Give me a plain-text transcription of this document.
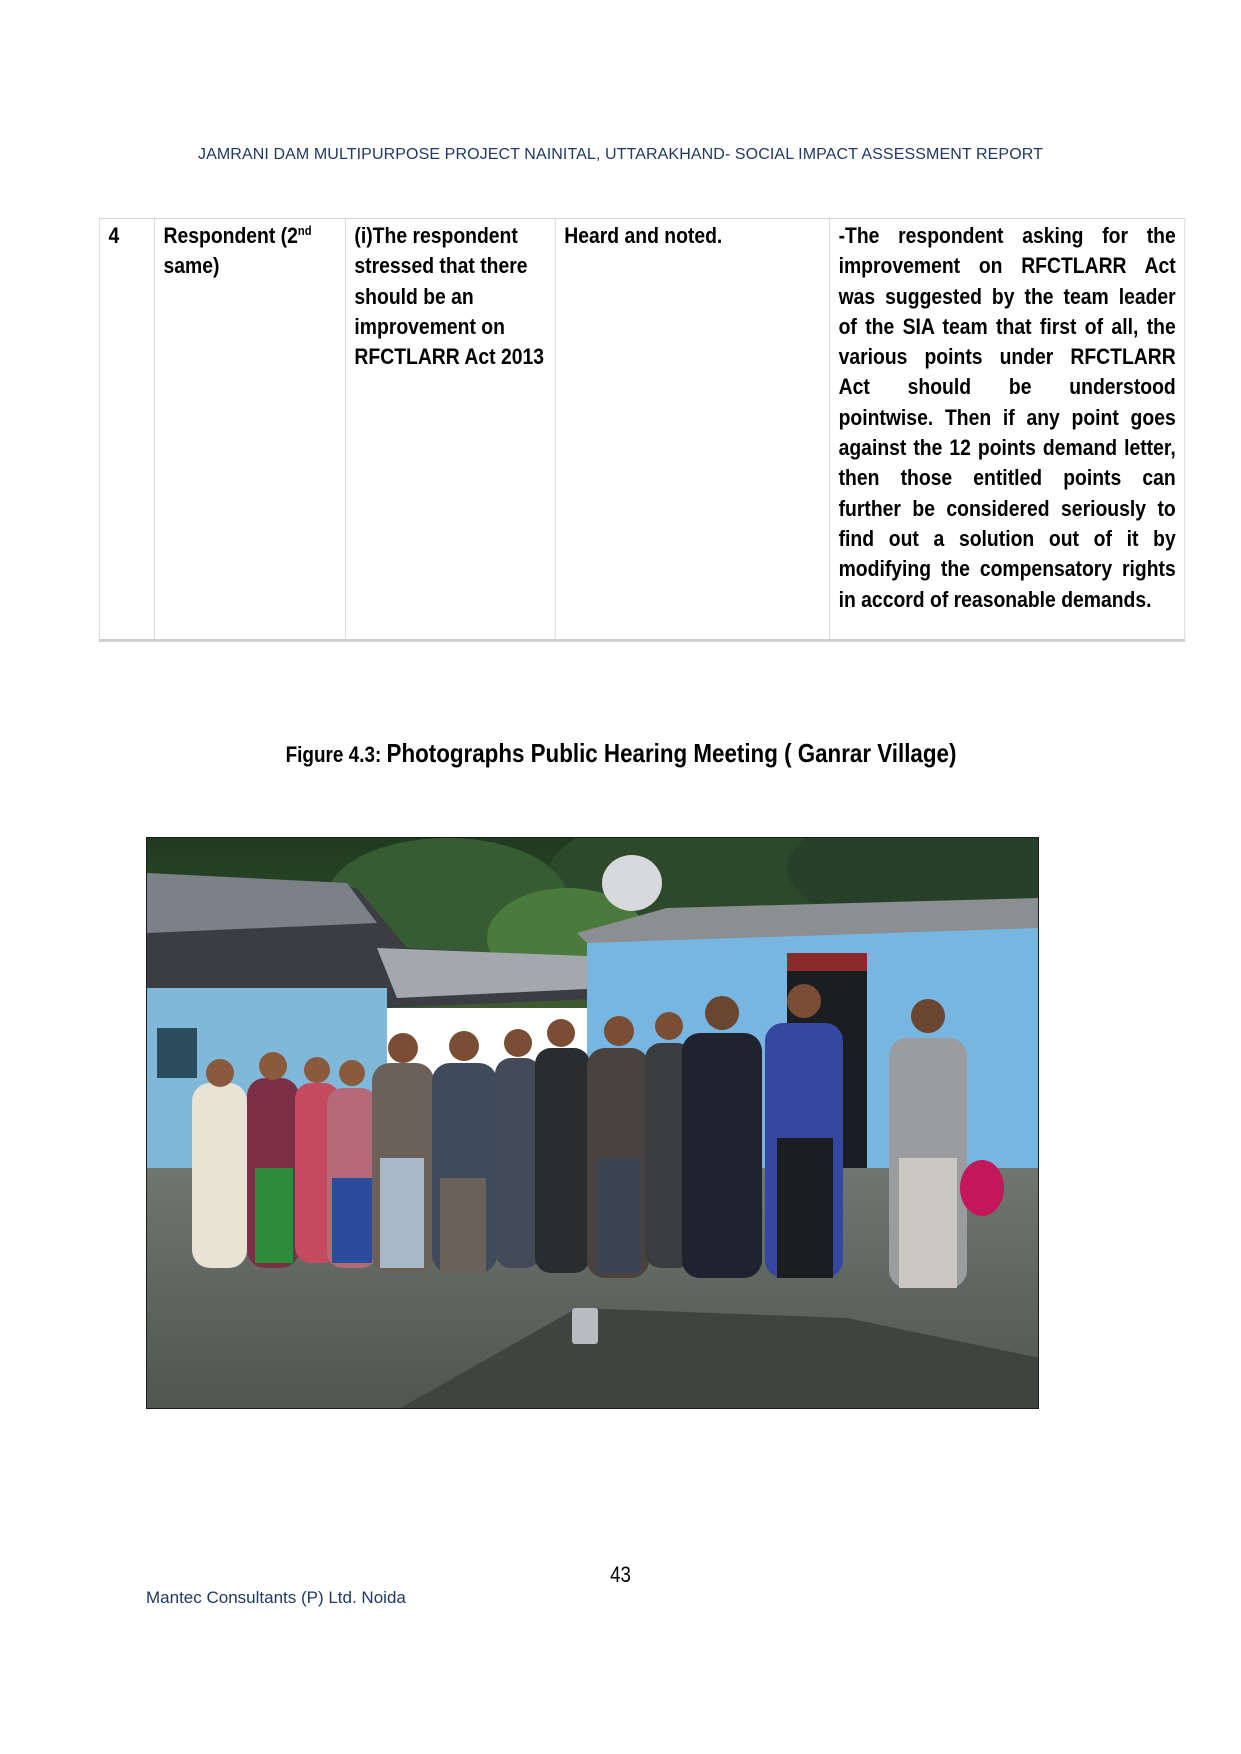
JAMRANI DAM MULTIPURPOSE PROJECT NAINITAL, UTTARAKHAND- SOCIAL IMPACT ASSESSMENT REPORT
4	Respondent (2nd same)	(i)The respondent stressed that there should be an improvement on RFCTLARR Act 2013	Heard and noted.	-The respondent asking for the improvement on RFCTLARR Act was suggested by the team leader of the SIA team that first of all, the various points under RFCTLARR Act should be understood pointwise. Then if any point goes against the 12 points demand letter, then those entitled points can further be considered seriously to find out a solution out of it by modifying the compensatory rights in accord of reasonable demands.
Figure 4.3: Photographs Public Hearing Meeting ( Ganrar Village)
43
Mantec Consultants (P) Ltd. Noida
